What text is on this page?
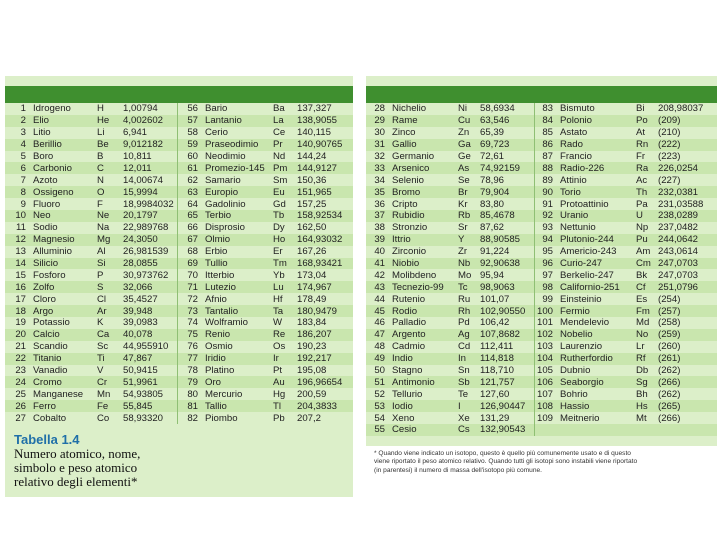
1	Idrogeno	H	1,00794	56	Bario	Ba	137,327
2	Elio	He	4,002602	57	Lantanio	La	138,9055
3	Litio	Li	6,941	58	Cerio	Ce	140,115
4	Berillio	Be	9,012182	59	Praseodimio	Pr	140,90765
5	Boro	B	10,811	60	Neodimio	Nd	144,24
6	Carbonio	C	12,011	61	Promezio-145	Pm	144,9127
7	Azoto	N	14,00674	62	Samario	Sm	150,36
8	Ossigeno	O	15,9994	63	Europio	Eu	151,965
9	Fluoro	F	18,9984032	64	Gadolinio	Gd	157,25
10	Neo	Ne	20,1797	65	Terbio	Tb	158,92534
11	Sodio	Na	22,989768	66	Disprosio	Dy	162,50
12	Magnesio	Mg	24,3050	67	Olmio	Ho	164,93032
13	Alluminio	Al	26,981539	68	Erbio	Er	167,26
14	Silicio	Si	28,0855	69	Tullio	Tm	168,93421
15	Fosforo	P	30,973762	70	Itterbio	Yb	173,04
16	Zolfo	S	32,066	71	Lutezio	Lu	174,967
17	Cloro	Cl	35,4527	72	Afnio	Hf	178,49
18	Argo	Ar	39,948	73	Tantalio	Ta	180,9479
19	Potassio	K	39,0983	74	Wolframio	W	183,84
20	Calcio	Ca	40,078	75	Renio	Re	186,207
21	Scandio	Sc	44,955910	76	Osmio	Os	190,23
22	Titanio	Ti	47,867	77	Iridio	Ir	192,217
23	Vanadio	V	50,9415	78	Platino	Pt	195,08
24	Cromo	Cr	51,9961	79	Oro	Au	196,96654
25	Manganese	Mn	54,93805	80	Mercurio	Hg	200,59
26	Ferro	Fe	55,845	81	Tallio	Tl	204,3833
27	Cobalto	Co	58,93320	82	Piombo	Pb	207,2
28	Nichelio	Ni	58,6934	83	Bismuto	Bi	208,98037
29	Rame	Cu	63,546	84	Polonio	Po	(209)
30	Zinco	Zn	65,39	85	Astato	At	(210)
31	Gallio	Ga	69,723	86	Rado	Rn	(222)
32	Germanio	Ge	72,61	87	Francio	Fr	(223)
33	Arsenico	As	74,92159	88	Radio-226	Ra	226,0254
34	Selenio	Se	78,96	89	Attinio	Ac	(227)
35	Bromo	Br	79,904	90	Torio	Th	232,0381
36	Cripto	Kr	83,80	91	Protoattinio	Pa	231,03588
37	Rubidio	Rb	85,4678	92	Uranio	U	238,0289
38	Stronzio	Sr	87,62	93	Nettunio	Np	237,0482
39	Ittrio	Y	88,90585	94	Plutonio-244	Pu	244,0642
40	Zirconio	Zr	91,224	95	Americio-243	Am	243,0614
41	Niobio	Nb	92,90638	96	Curio-247	Cm	247,0703
42	Molibdeno	Mo	95,94	97	Berkelio-247	Bk	247,0703
43	Tecnezio-99	Tc	98,9063	98	Californio-251	Cf	251,0796
44	Rutenio	Ru	101,07	99	Einsteinio	Es	(254)
45	Rodio	Rh	102,90550	100	Fermio	Fm	(257)
46	Palladio	Pd	106,42	101	Mendelevio	Md	(258)
47	Argento	Ag	107,8682	102	Nobelio	No	(259)
48	Cadmio	Cd	112,411	103	Laurenzio	Lr	(260)
49	Indio	In	114,818	104	Rutherfordio	Rf	(261)
50	Stagno	Sn	118,710	105	Dubnio	Db	(262)
51	Antimonio	Sb	121,757	106	Seaborgio	Sg	(266)
52	Tellurio	Te	127,60	107	Bohrio	Bh	(262)
53	Iodio	I	126,90447	108	Hassio	Hs	(265)
54	Xeno	Xe	131,29	109	Meitnerio	Mt	(266)
55	Cesio	Cs	132,90543				
Tabella 1.4
Numero atomico, nome,
simbolo e peso atomico
relativo degli elementi*
* Quando viene indicato un isotopo, questo è quello più comunemente usato e di questo
viene riportato il peso atomico relativo. Quando tutti gli isotopi sono instabili viene riportato
(in parentesi) il numero di massa dell'isotopo più comune.
